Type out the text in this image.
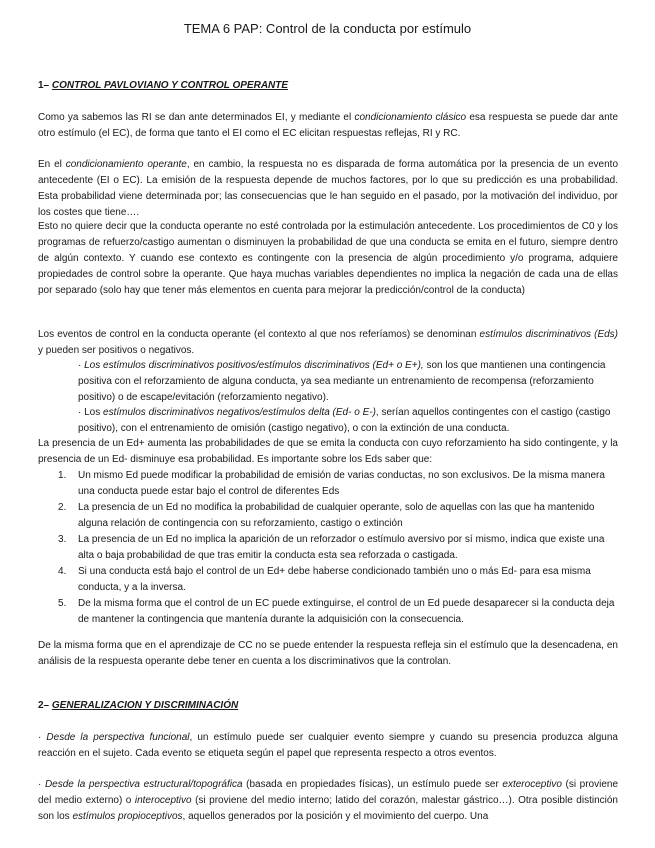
TEMA 6 PAP: Control de la conducta por estímulo
1– CONTROL PAVLOVIANO Y CONTROL OPERANTE

Como ya sabemos las RI se dan ante determinados EI, y mediante el condicionamiento clásico esa respuesta se puede dar ante otro estímulo (el EC), de forma que tanto el EI como el EC elicitan respuestas reflejas, RI y RC.

En el condicionamiento operante, en cambio, la respuesta no es disparada de forma automática por la presencia de un evento antecedente (EI o EC). La emisión de la respuesta depende de muchos factores, por lo que su predicción es una probabilidad. Esta probabilidad viene determinada por; las consecuencias que le han seguido en el pasado, por la motivación del individuo, por los costes que tiene….

Esto no quiere decir que la conducta operante no esté controlada por la estimulación antecedente. Los procedimientos de C0 y los programas de refuerzo/castigo aumentan o disminuyen la probabilidad de que una conducta se emita en el futuro, siempre dentro de algún contexto. Y cuando ese contexto es contingente con la presencia de algún procedimiento y/o programa, adquiere propiedades de control sobre la operante. Que haya muchas variables dependientes no implica la negación de cada una de ellas por separado (solo hay que tener más elementos en cuenta para mejorar la predicción/control de la conducta)

Los eventos de control en la conducta operante (el contexto al que nos referíamos) se denominan estímulos discriminativos (Eds) y pueden ser positivos o negativos.

· Los estímulos discriminativos positivos/estímulos discriminativos (Ed+ o E+), son los que mantienen una contingencia positiva con el reforzamiento de alguna conducta, ya sea mediante un entrenamiento de recompensa (reforzamiento positivo) o de escape/evitación (reforzamiento negativo).

· Los estímulos discriminativos negativos/estímulos delta (Ed- o E-), serían aquellos contingentes con el castigo (castigo positivo), con el entrenamiento de omisión (castigo negativo), o con la extinción de una conducta.

La presencia de un Ed+ aumenta las probabilidades de que se emita la conducta con cuyo reforzamiento ha sido contingente, y la presencia de un Ed- disminuye esa probabilidad. Es importante sobre los Eds saber que:

1. Un mismo Ed puede modificar la probabilidad de emisión de varias conductas, no son exclusivos. De la misma manera una conducta puede estar bajo el control de diferentes Eds
2. La presencia de un Ed no modifica la probabilidad de cualquier operante, solo de aquellas con las que ha mantenido alguna relación de contingencia con su reforzamiento, castigo o extinción
3. La presencia de un Ed no implica la aparición de un reforzador o estímulo aversivo por sí mismo, indica que existe una alta o baja probabilidad de que tras emitir la conducta esta sea reforzada o castigada.
4. Si una conducta está bajo el control de un Ed+ debe haberse condicionado también uno o más Ed- para esa misma conducta, y a la inversa.
5. De la misma forma que el control de un EC puede extinguirse, el control de un Ed puede desaparecer si la conducta deja de mantener la contingencia que mantenía durante la adquisición con la consecuencia.

De la misma forma que en el aprendizaje de CC no se puede entender la respuesta refleja sin el estímulo que la desencadena, en análisis de la respuesta operante debe tener en cuenta a los discriminativos que la controlan.

2– GENERALIZACION Y DISCRIMINACIÓN

· Desde la perspectiva funcional, un estímulo puede ser cualquier evento siempre y cuando su presencia produzca alguna reacción en el sujeto. Cada evento se etiqueta según el papel que representa respecto a otros eventos.

· Desde la perspectiva estructural/topográfica (basada en propiedades físicas), un estímulo puede ser exteroceptivo (si proviene del medio externo) o interoceptivo (si proviene del medio interno; latido del corazón, malestar gástrico…). Otra posible distinción son los estímulos propioceptivos, aquellos generados por la posición y el movimiento del cuerpo. Una
